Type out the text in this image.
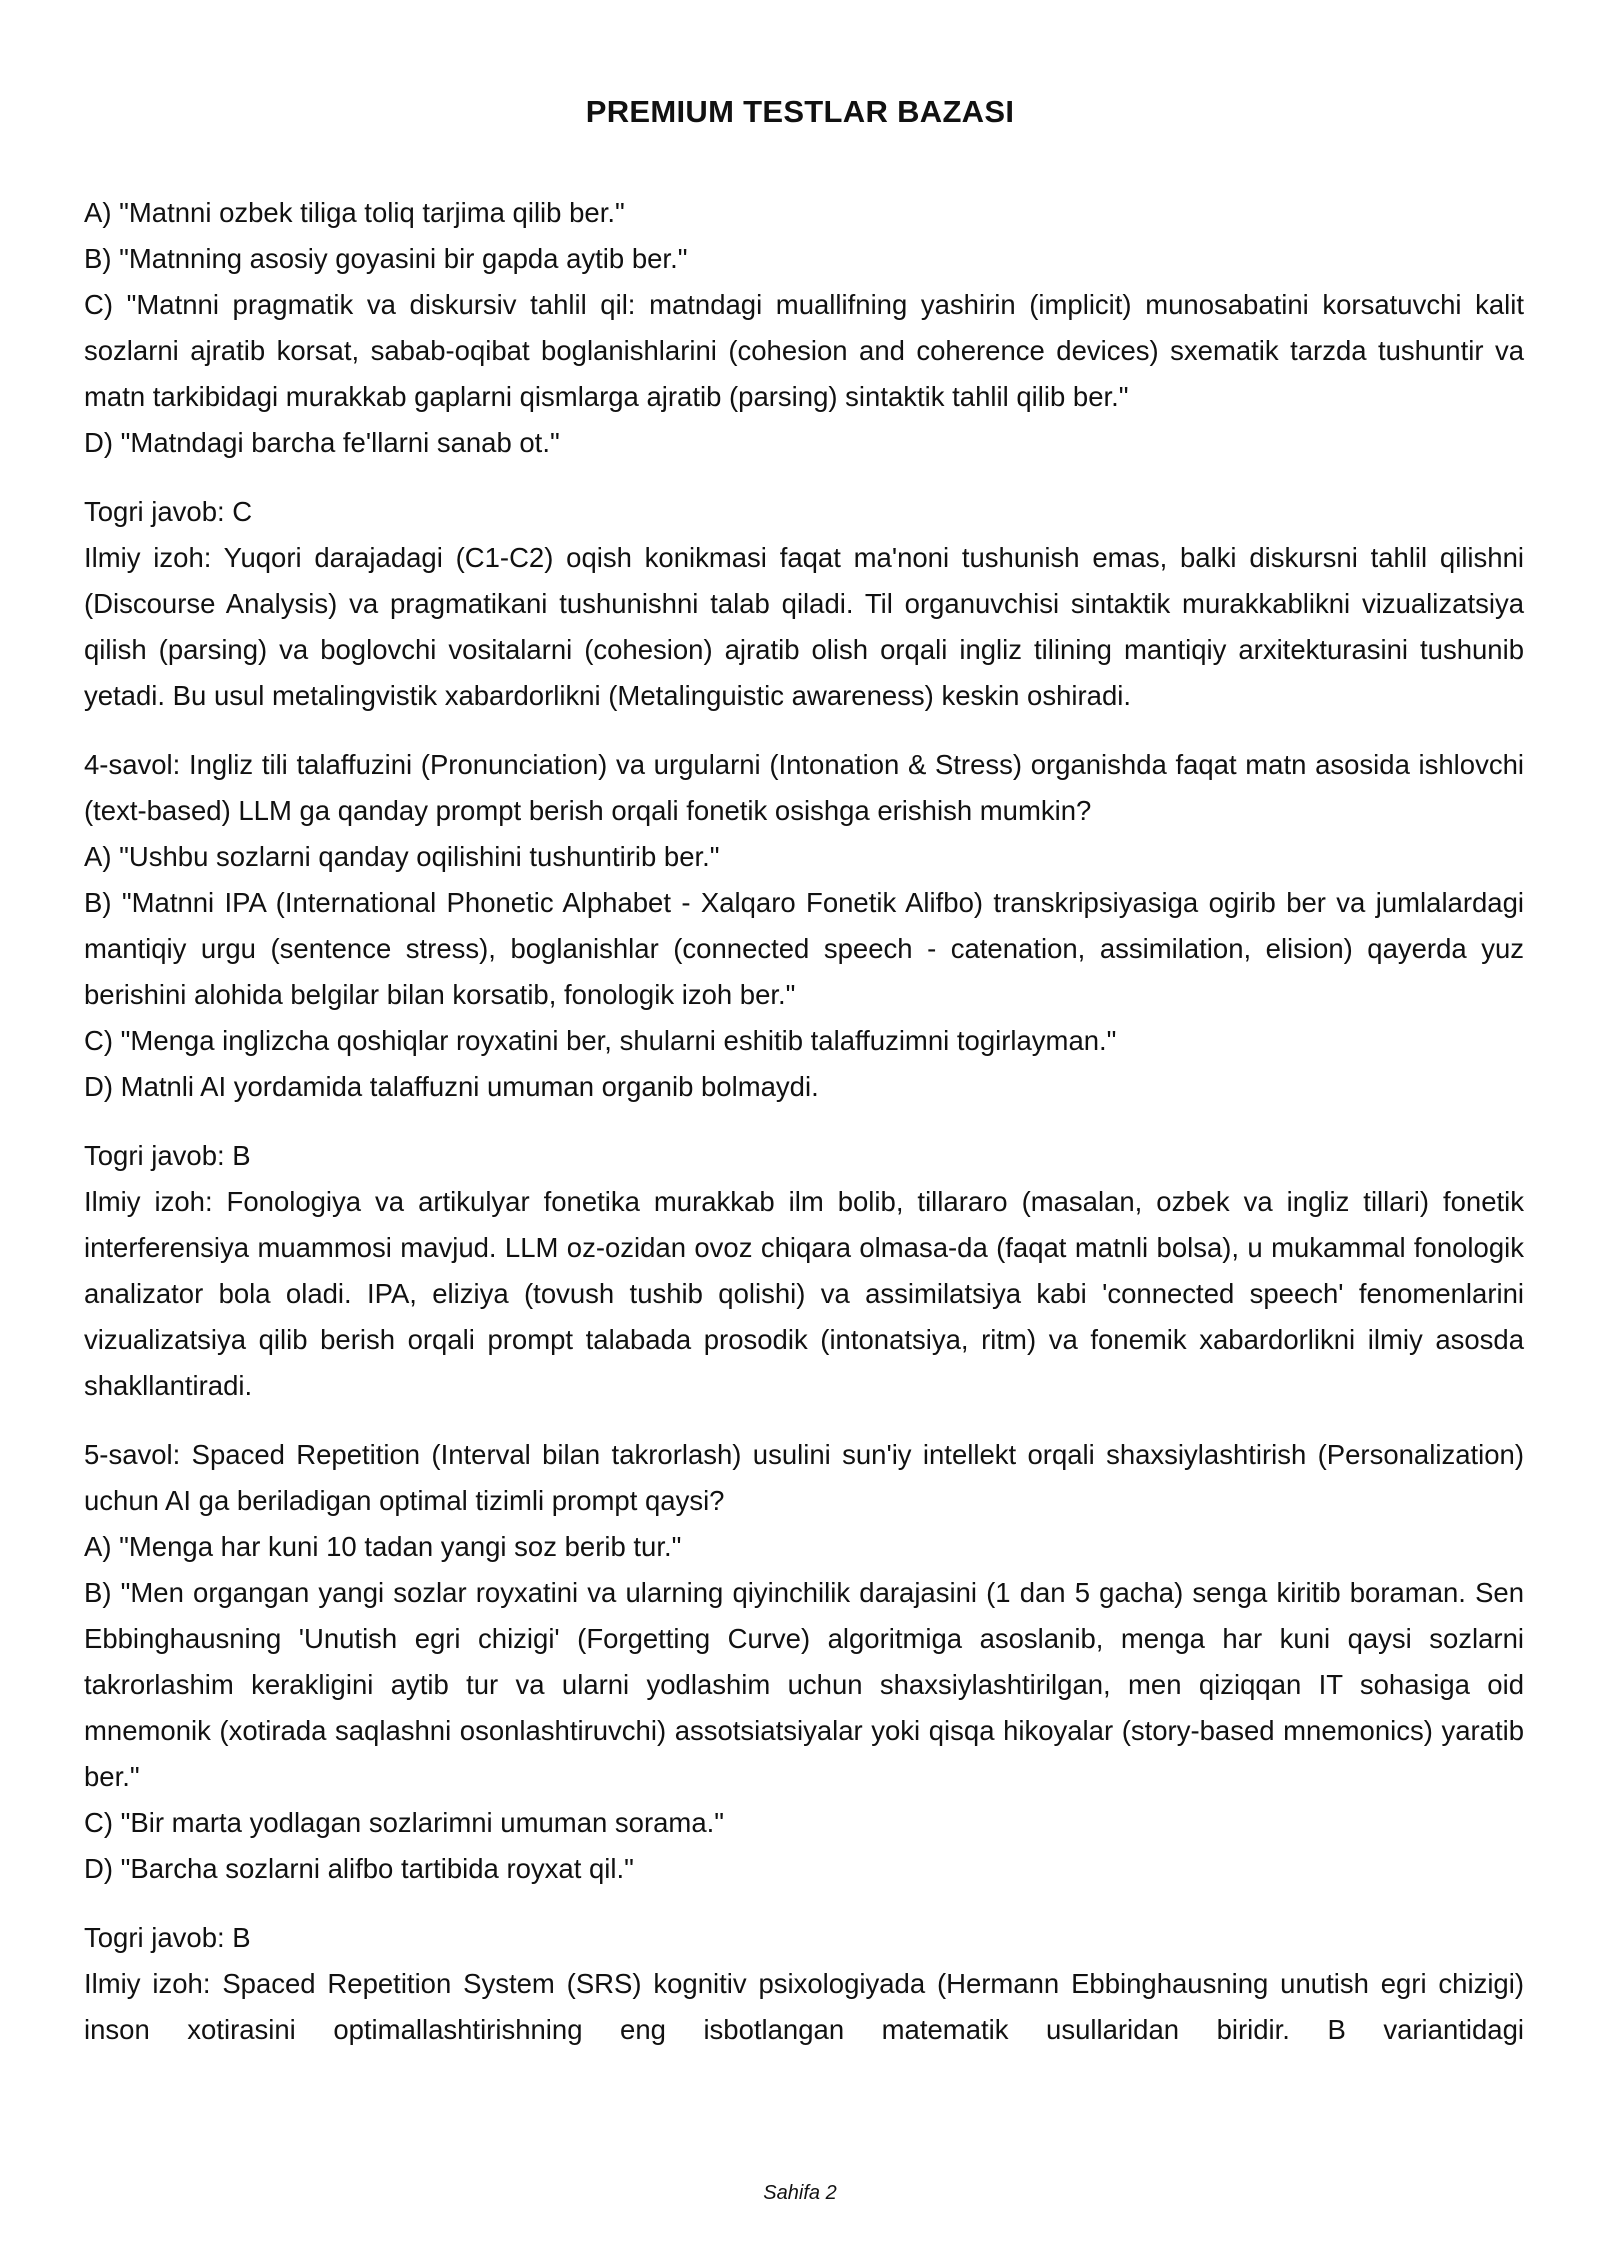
PREMIUM TESTLAR BAZASI

A) "Matnni ozbek tiliga toliq tarjima qilib ber."

B) "Matnning asosiy goyasini bir gapda aytib ber."

C) "Matnni pragmatik va diskursiv tahlil qil: matndagi muallifning yashirin (implicit) munosabatini korsatuvchi kalit sozlarni ajratib korsat, sabab-oqibat boglanishlarini (cohesion and coherence devices) sxematik tarzda tushuntir va matn tarkibidagi murakkab gaplarni qismlarga ajratib (parsing) sintaktik tahlil qilib ber."

D) "Matndagi barcha fe'llarni sanab ot."

Togri javob: C

Ilmiy izoh: Yuqori darajadagi (C1-C2) oqish konikmasi faqat ma'noni tushunish emas, balki diskursni tahlil qilishni (Discourse Analysis) va pragmatikani tushunishni talab qiladi. Til organuvchisi sintaktik murakkablikni vizualizatsiya qilish (parsing) va boglovchi vositalarni (cohesion) ajratib olish orqali ingliz tilining mantiqiy arxitekturasini tushunib yetadi. Bu usul metalingvistik xabardorlikni (Metalinguistic awareness) keskin oshiradi.

4-savol: Ingliz tili talaffuzini (Pronunciation) va urgularni (Intonation & Stress) organishda faqat matn asosida ishlovchi (text-based) LLM ga qanday prompt berish orqali fonetik osishga erishish mumkin?

A) "Ushbu sozlarni qanday oqilishini tushuntirib ber."

B) "Matnni IPA (International Phonetic Alphabet - Xalqaro Fonetik Alifbo) transkripsiyasiga ogirib ber va jumlalardagi mantiqiy urgu (sentence stress), boglanishlar (connected speech - catenation, assimilation, elision) qayerda yuz berishini alohida belgilar bilan korsatib, fonologik izoh ber."

C) "Menga inglizcha qoshiqlar royxatini ber, shularni eshitib talaffuzimni togirlayman."

D) Matnli AI yordamida talaffuzni umuman organib bolmaydi.

Togri javob: B

Ilmiy izoh: Fonologiya va artikulyar fonetika murakkab ilm bolib, tillararo (masalan, ozbek va ingliz tillari) fonetik interferensiya muammosi mavjud. LLM oz-ozidan ovoz chiqara olmasa-da (faqat matnli bolsa), u mukammal fonologik analizator bola oladi. IPA, eliziya (tovush tushib qolishi) va assimilatsiya kabi 'connected speech' fenomenlarini vizualizatsiya qilib berish orqali prompt talabada prosodik (intonatsiya, ritm) va fonemik xabardorlikni ilmiy asosda shakllantiradi.

5-savol: Spaced Repetition (Interval bilan takrorlash) usulini sun'iy intellekt orqali shaxsiylashtirish (Personalization) uchun AI ga beriladigan optimal tizimli prompt qaysi?

A) "Menga har kuni 10 tadan yangi soz berib tur."

B) "Men organgan yangi sozlar royxatini va ularning qiyinchilik darajasini (1 dan 5 gacha) senga kiritib boraman. Sen Ebbinghausning 'Unutish egri chizigi' (Forgetting Curve) algoritmiga asoslanib, menga har kuni qaysi sozlarni takrorlashim kerakligini aytib tur va ularni yodlashim uchun shaxsiylashtirilgan, men qiziqqan IT sohasiga oid mnemonik (xotirada saqlashni osonlashtiruvchi) assotsiatsiyalar yoki qisqa hikoyalar (story-based mnemonics) yaratib ber."

C) "Bir marta yodlagan sozlarimni umuman sorama."

D) "Barcha sozlarni alifbo tartibida royxat qil."

Togri javob: B

Ilmiy izoh: Spaced Repetition System (SRS) kognitiv psixologiyada (Hermann Ebbinghausning unutish egri chizigi) inson xotirasini optimallashtirishning eng isbotlangan matematik usullaridan biridir. B variantidagi

Sahifa 2
